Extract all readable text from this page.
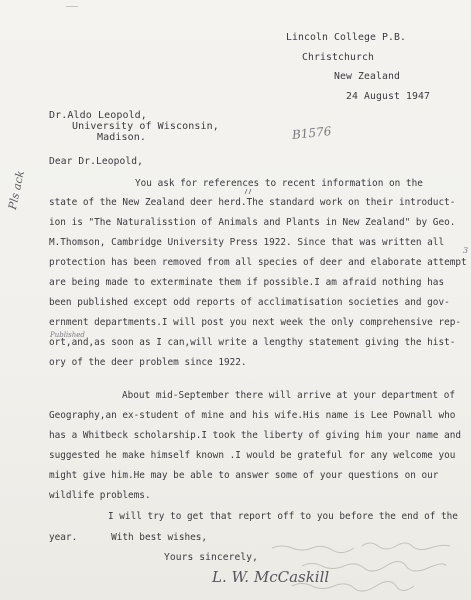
Lincoln College P.B.
Christchurch
New Zealand
24 August 1947
Dr.Aldo Leopold,
University of Wisconsin,
Madison.	B1576
Dear Dr.Leopold,
You ask for references to recent information on the
state of the New Zealand deer herd.The standard work on their introduct-
ion is "The Naturalisstion of Animals and Plants in New Zealand" by Geo.
M.Thomson, Cambridge University Press 1922. Since that was written all
protection has been removed from all species of deer and elaborate attempt
are being made to exterminate them if possible.I am afraid nothing has
been published except odd reports of acclimatisation societies and gov-
ernment departments.I will post you next week the only comprehensive rep-
ort,and,as soon as I can,will write a lengthy statement giving the hist-
ory of the deer problem since 1922.
About mid-September there will arrive at your department of
Geography,an ex-student of mine and his wife.His name is Lee Pownall who
has a Whitbeck scholarship.I took the liberty of giving him your name and
suggested he make himself known .I would be grateful for any welcome you
might give him.He may be able to answer some of your questions on our
wildlife problems.
I will try to get that report off to you before the end of the
year.      With best wishes,
Yours sincerely,
L. W. McCaskill
Pls ack
Published
3
